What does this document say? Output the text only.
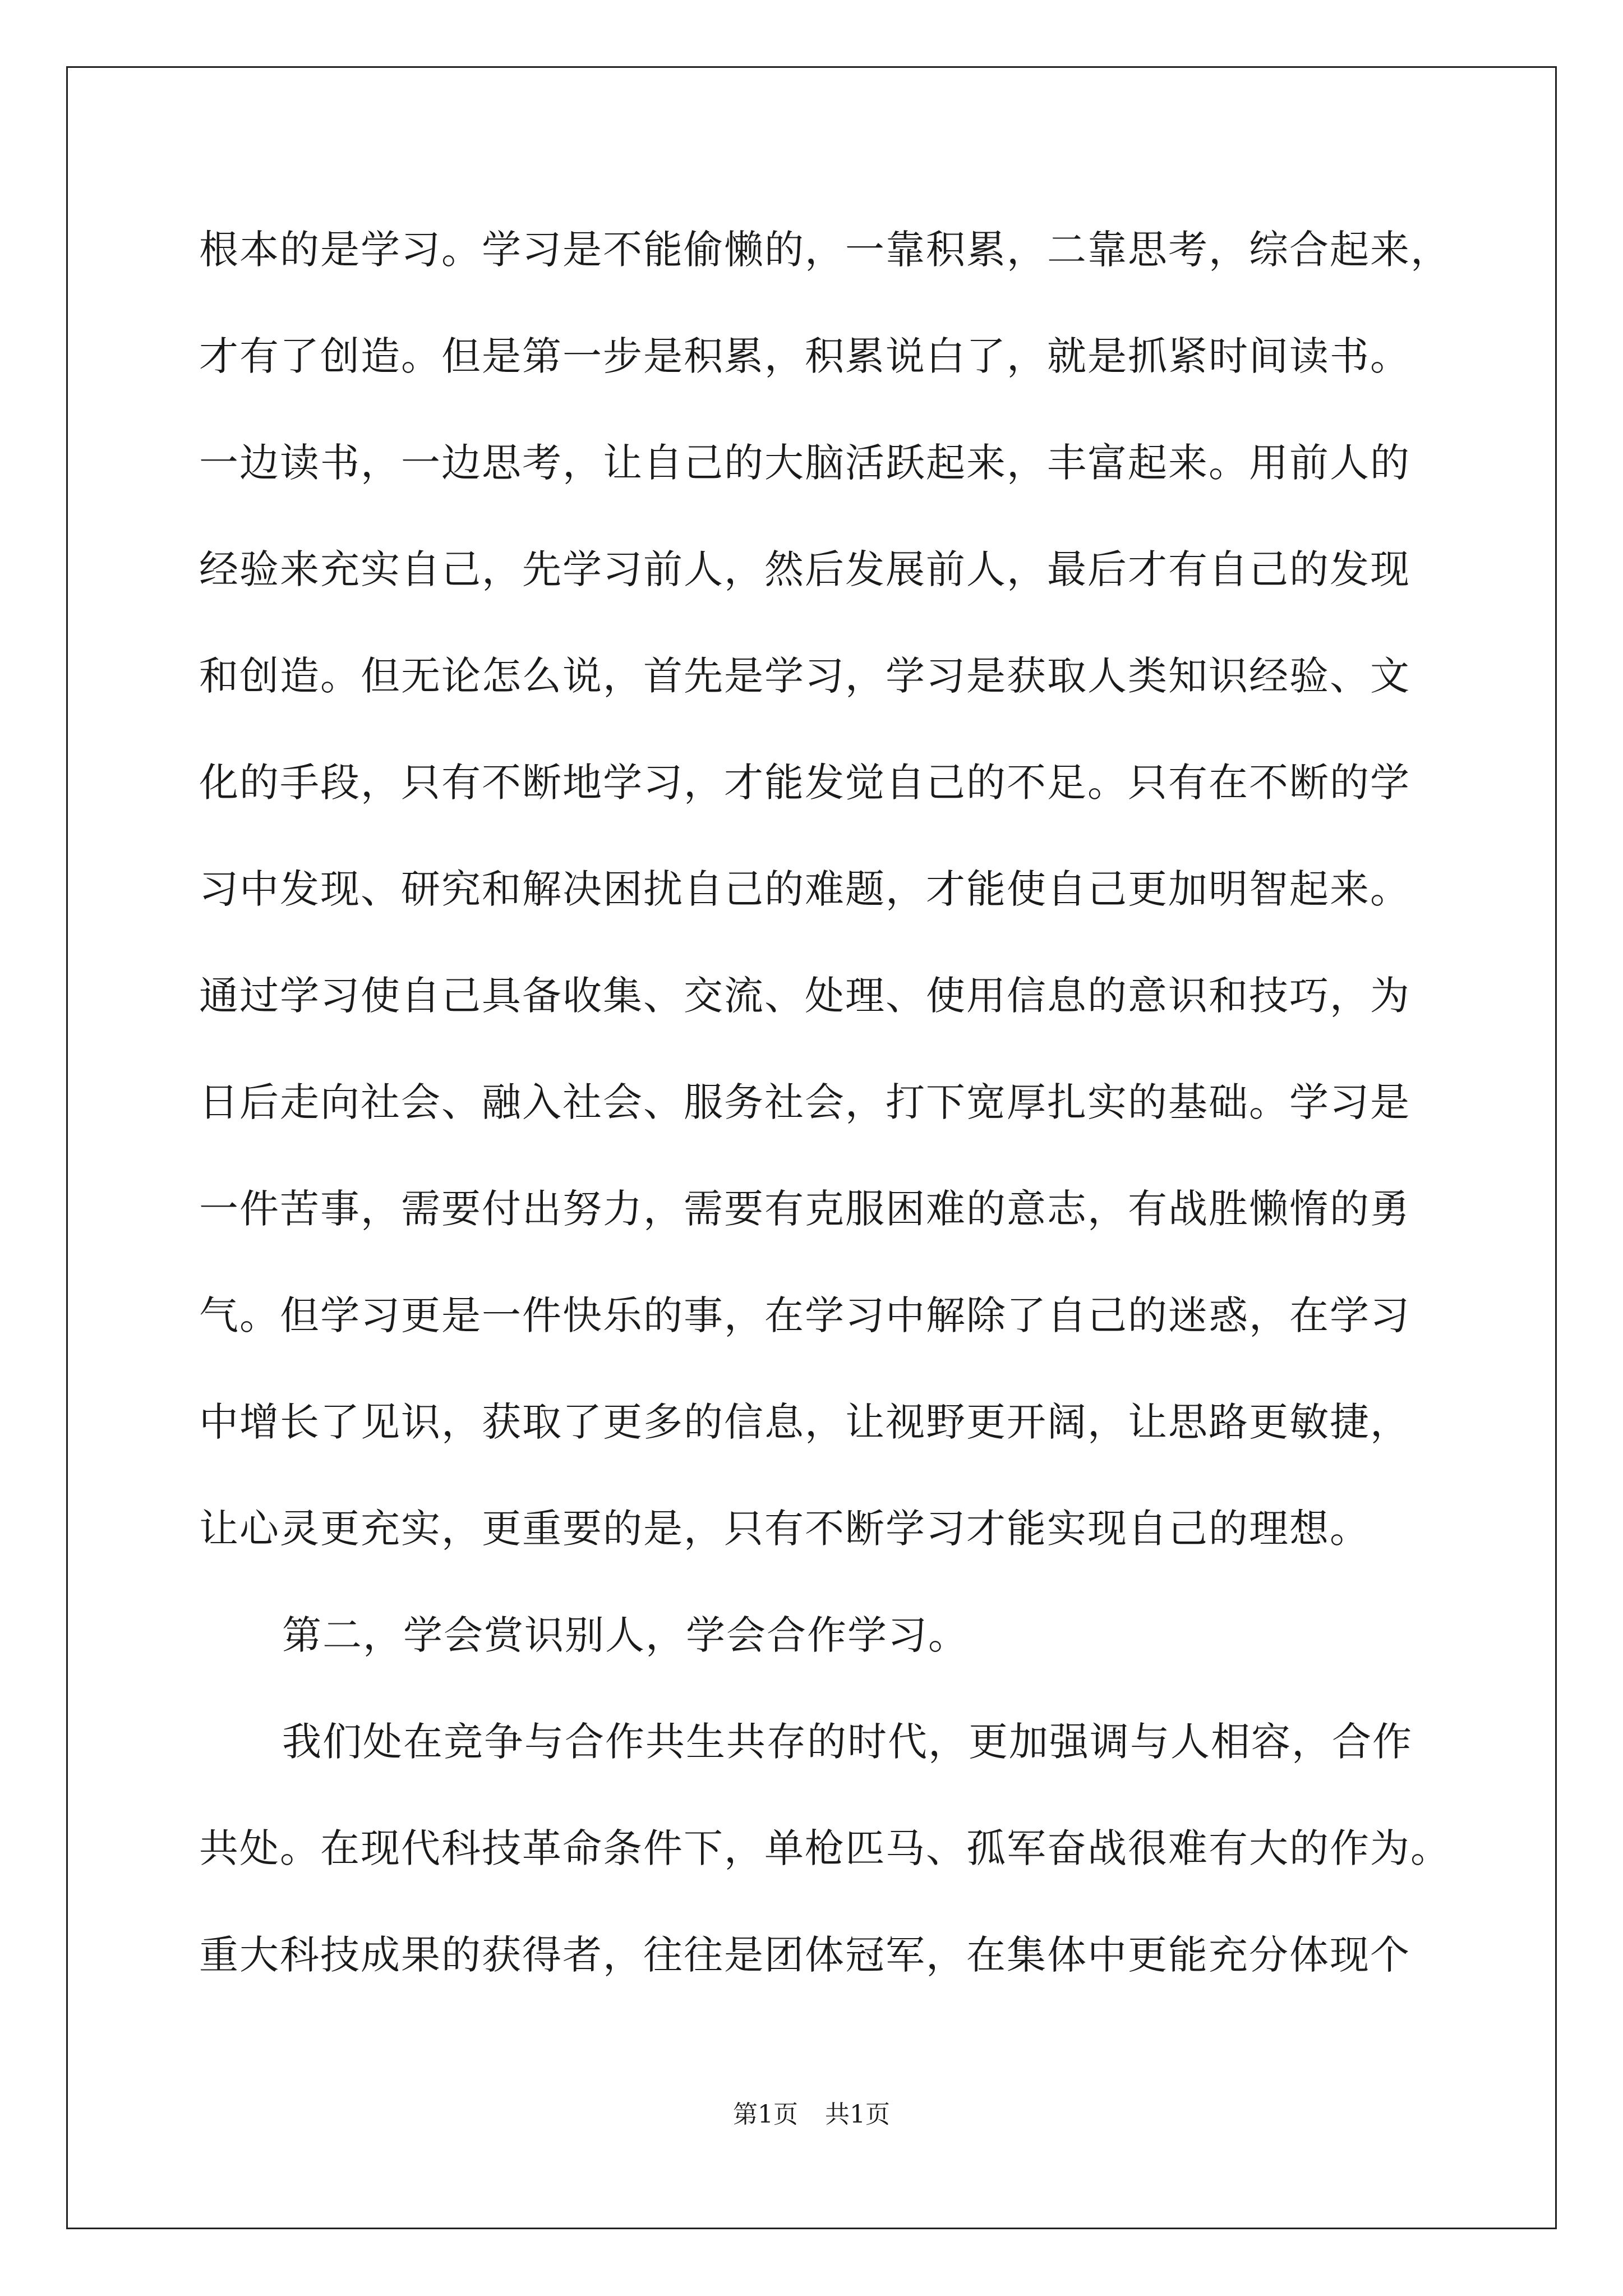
根本的是学习。学习是不能偷懒的，一靠积累，二靠思考，综合起来，
才有了创造。但是第一步是积累，积累说白了，就是抓紧时间读书。
一边读书，一边思考，让自己的大脑活跃起来，丰富起来。用前人的
经验来充实自己，先学习前人，然后发展前人，最后才有自己的发现
和创造。但无论怎么说，首先是学习，学习是获取人类知识经验、文
化的手段，只有不断地学习，才能发觉自己的不足。只有在不断的学
习中发现、研究和解决困扰自己的难题，才能使自己更加明智起来。
通过学习使自己具备收集、交流、处理、使用信息的意识和技巧，为
日后走向社会、融入社会、服务社会，打下宽厚扎实的基础。学习是
一件苦事，需要付出努力，需要有克服困难的意志，有战胜懒惰的勇
气。但学习更是一件快乐的事，在学习中解除了自己的迷惑，在学习
中增长了见识，获取了更多的信息，让视野更开阔，让思路更敏捷，
让心灵更充实，更重要的是，只有不断学习才能实现自己的理想。
第二，学会赏识别人，学会合作学习。
我们处在竞争与合作共生共存的时代，更加强调与人相容，合作
共处。在现代科技革命条件下，单枪匹马、孤军奋战很难有大的作为。
重大科技成果的获得者，往往是团体冠军，在集体中更能充分体现个
第1页 共1页
